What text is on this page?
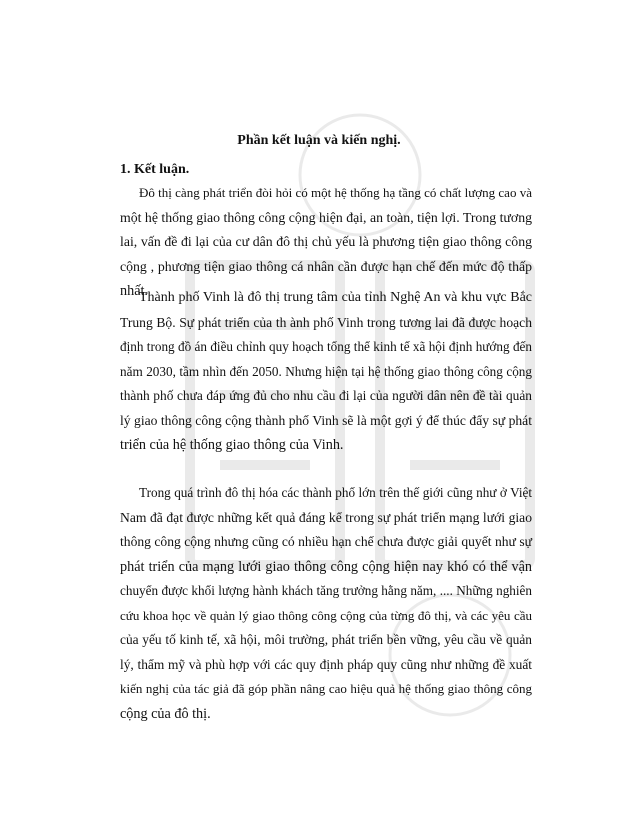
Phần kết luận và kiến nghị.
1. Kết luận.
Đô thị càng phát triển đòi hỏi có một hệ thống hạ tầng có chất lượng cao và
một hệ thống giao thông công cộng hiện đại, an toàn, tiện lợi. Trong tương
lai, vấn đề đi lại của cư dân đô thị chủ yếu là phương tiện giao thông công
cộng , phương tiện giao thông cá nhân cần được hạn chế đến mức độ thấp
nhất.
Thành phố Vinh là đô thị trung tâm của tỉnh Nghệ An và khu vực Bắc
Trung Bộ. Sự phát triển của th ành phố Vinh trong tương lai đã được hoạch
định trong đồ án điều chỉnh quy hoạch tổng thể kinh tế xã hội định hướng đến
năm 2030, tầm nhìn đến 2050. Nhưng hiện tại hệ thống giao thông công cộng
thành phố chưa đáp ứng đủ cho nhu cầu đi lại của người dân nên đề tài quản
lý giao thông công cộng thành phố Vinh sẽ là một gợi ý để thúc đẩy sự phát
triển của hệ thống giao thông của Vinh.
Trong quá trình đô thị hóa các thành phố lớn trên thế giới cũng như ở Việt
Nam đã đạt được những kết quả đáng kể trong sự phát triển mạng lưới giao
thông công cộng nhưng cũng có nhiều hạn chế chưa được giải quyết như sự
phát triển của mạng lưới giao thông công cộng hiện nay khó có thể vận
chuyển được khối lượng hành khách tăng trưởng hằng năm, .... Những nghiên
cứu khoa học về quản lý giao thông công cộng của từng đô thị, và các yêu cầu
của yếu tố kinh tế, xã hội, môi trường, phát triển bền vững, yêu cầu về quản
lý, thẩm mỹ và phù hợp với các quy định pháp quy cũng như những đề xuất
kiến nghị của tác giả đã góp phần nâng cao hiệu quả hệ thống giao thông công
cộng của đô thị.
